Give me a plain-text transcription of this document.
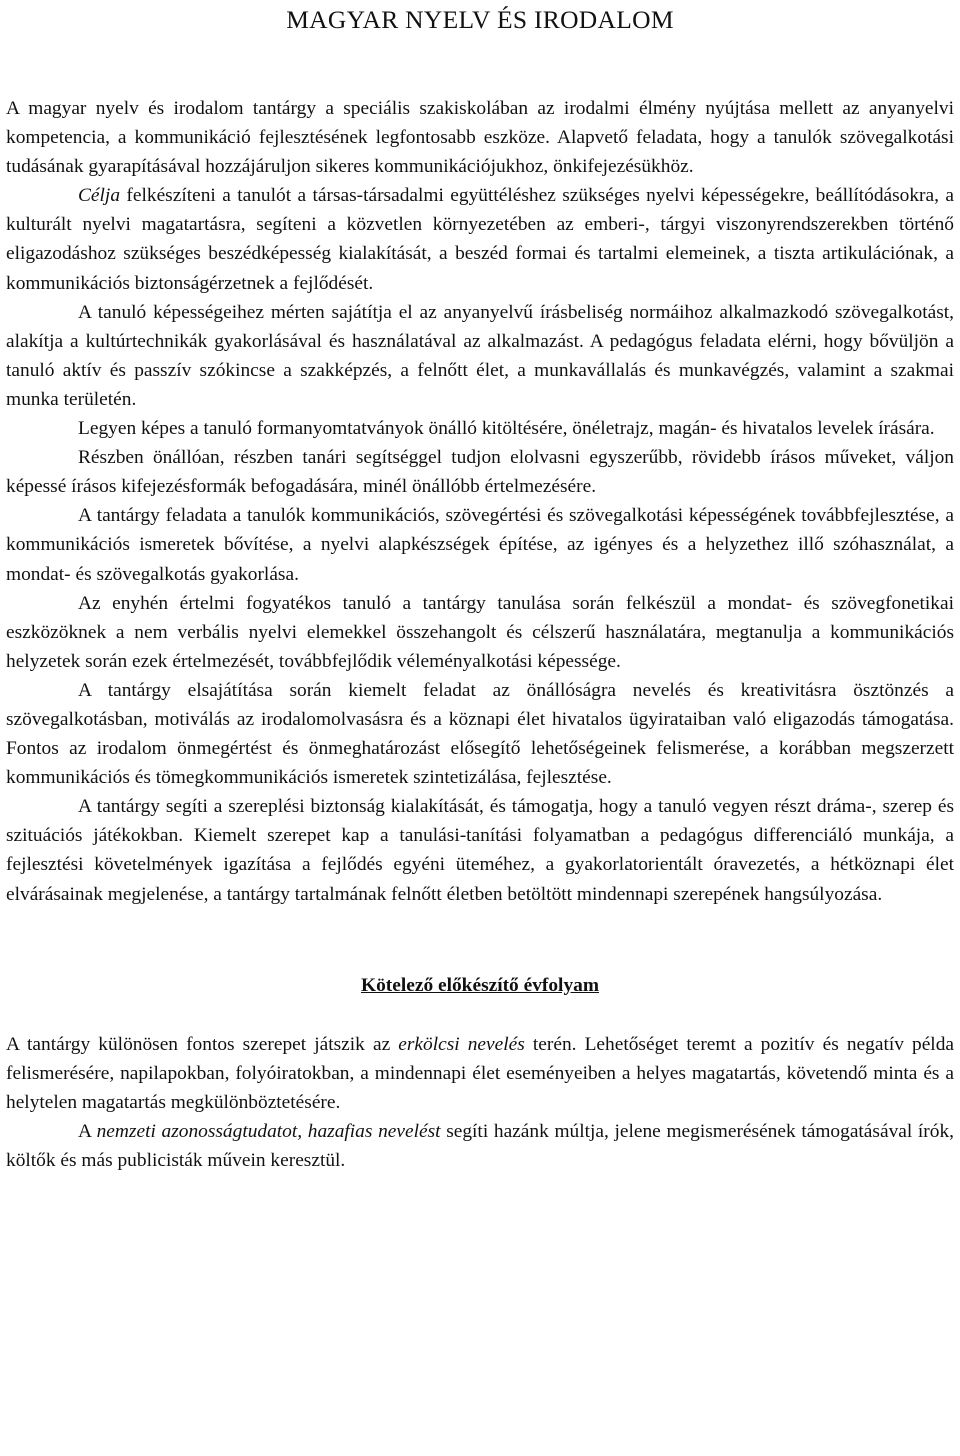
MAGYAR NYELV ÉS IRODALOM

A magyar nyelv és irodalom tantárgy a speciális szakiskolában az irodalmi élmény nyújtása mellett az anyanyelvi kompetencia, a kommunikáció fejlesztésének legfontosabb eszköze. Alapvető feladata, hogy a tanulók szövegalkotási tudásának gyarapításával hozzájáruljon sikeres kommunikációjukhoz, önkifejezésükhöz.

Célja felkészíteni a tanulót a társas-társadalmi együttéléshez szükséges nyelvi képességekre, beállítódásokra, a kulturált nyelvi magatartásra, segíteni a közvetlen környezetében az emberi-, tárgyi viszonyrendszerekben történő eligazodáshoz szükséges beszédképesség kialakítását, a beszéd formai és tartalmi elemeinek, a tiszta artikulációnak, a kommunikációs biztonságérzetnek a fejlődését.

A tanuló képességeihez mérten sajátítja el az anyanyelvű írásbeliség normáihoz alkalmazkodó szövegalkotást, alakítja a kultúrtechnikák gyakorlásával és használatával az alkalmazást. A pedagógus feladata elérni, hogy bővüljön a tanuló aktív és passzív szókincse a szakképzés, a felnőtt élet, a munkavállalás és munkavégzés, valamint a szakmai munka területén.

Legyen képes a tanuló formanyomtatványok önálló kitöltésére, önéletrajz, magán- és hivatalos levelek írására.

Részben önállóan, részben tanári segítséggel tudjon elolvasni egyszerűbb, rövidebb írásos műveket, váljon képessé írásos kifejezésformák befogadására, minél önállóbb értelmezésére.

A tantárgy feladata a tanulók kommunikációs, szövegértési és szövegalkotási képességének továbbfejlesztése, a kommunikációs ismeretek bővítése, a nyelvi alapkészségek építése, az igényes és a helyzethez illő szóhasználat, a mondat- és szövegalkotás gyakorlása.

Az enyhén értelmi fogyatékos tanuló a tantárgy tanulása során felkészül a mondat- és szövegfonetikai eszközöknek a nem verbális nyelvi elemekkel összehangolt és célszerű használatára, megtanulja a kommunikációs helyzetek során ezek értelmezését, továbbfejlődik véleményalkotási képessége.

A tantárgy elsajátítása során kiemelt feladat az önállóságra nevelés és kreativitásra ösztönzés a szövegalkotásban, motiválás az irodalomolvasásra és a köznapi élet hivatalos ügyirataiban való eligazodás támogatása. Fontos az irodalom önmegértést és önmeghatározást elősegítő lehetőségeinek felismerése, a korábban megszerzett kommunikációs és tömegkommunikációs ismeretek szintetizálása, fejlesztése.

A tantárgy segíti a szereplési biztonság kialakítását, és támogatja, hogy a tanuló vegyen részt dráma-, szerep és szituációs játékokban. Kiemelt szerepet kap a tanulási-tanítási folyamatban a pedagógus differenciáló munkája, a fejlesztési követelmények igazítása a fejlődés egyéni üteméhez, a gyakorlatorientált óravezetés, a hétköznapi élet elvárásainak megjelenése, a tantárgy tartalmának felnőtt életben betöltött mindennapi szerepének hangsúlyozása.

Kötelező előkészítő évfolyam

A tantárgy különösen fontos szerepet játszik az erkölcsi nevelés terén. Lehetőséget teremt a pozitív és negatív példa felismerésére, napilapokban, folyóiratokban, a mindennapi élet eseményeiben a helyes magatartás, követendő minta és a helytelen magatartás megkülönböztetésére.

A nemzeti azonosságtudatot, hazafias nevelést segíti hazánk múltja, jelene megismerésének támogatásával írók, költők és más publicisták művein keresztül.
